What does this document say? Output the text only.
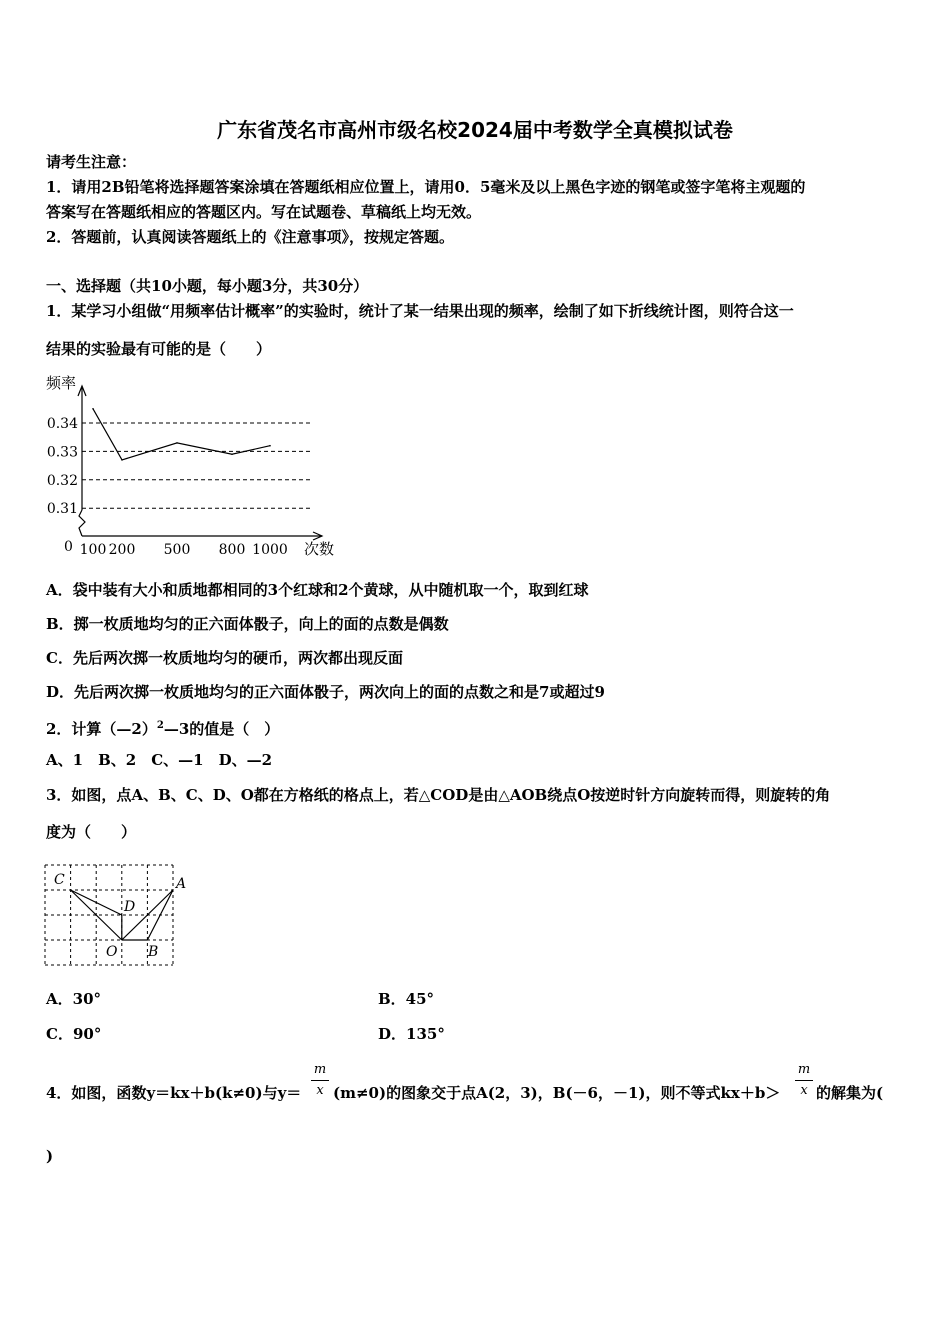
广东省茂名市高州市级名校2024届中考数学全真模拟试卷
请考生注意：
1．请用2B铅笔将选择题答案涂填在答题纸相应位置上，请用0．5毫米及以上黑色字迹的钢笔或签字笔将主观题的
答案写在答题纸相应的答题区内。写在试题卷、草稿纸上均无效。
2．答题前，认真阅读答题纸上的《注意事项》，按规定答题。
一、选择题（共10小题，每小题3分，共30分）
1．某学习小组做“用频率估计概率”的实验时，统计了某一结果出现的频率，绘制了如下折线统计图，则符合这一
结果的实验最有可能的是（　　）
0.34
0.33
0.32
0.31
频率
次数
0 100 200 500 800 1000
A．袋中装有大小和质地都相同的3个红球和2个黄球，从中随机取一个，取到红球
B．掷一枚质地均匀的正六面体骰子，向上的面的点数是偶数
C．先后两次掷一枚质地均匀的硬币，两次都出现反面
D．先后两次掷一枚质地均匀的正六面体骰子，两次向上的面的点数之和是7或超过9
2．计算（—2）$^2$—3的值是（　）
A、1　B、2　C、—1　D、—2
3．如图，点A、B、C、D、O都在方格纸的格点上，若△COD是由△AOB绕点O按逆时针方向旋转而得，则旋转的角
度为（　　）
C	A
D
O B
A．30°	B．45°
C．90°	D．135°
4．如图，函数y＝kx＋b(k≠0)与y＝
m
x (m≠0)的图象交于点A(2，3)，B(－6，－1)，则不等式kx＋b＞
m
x 的解集为(
)
